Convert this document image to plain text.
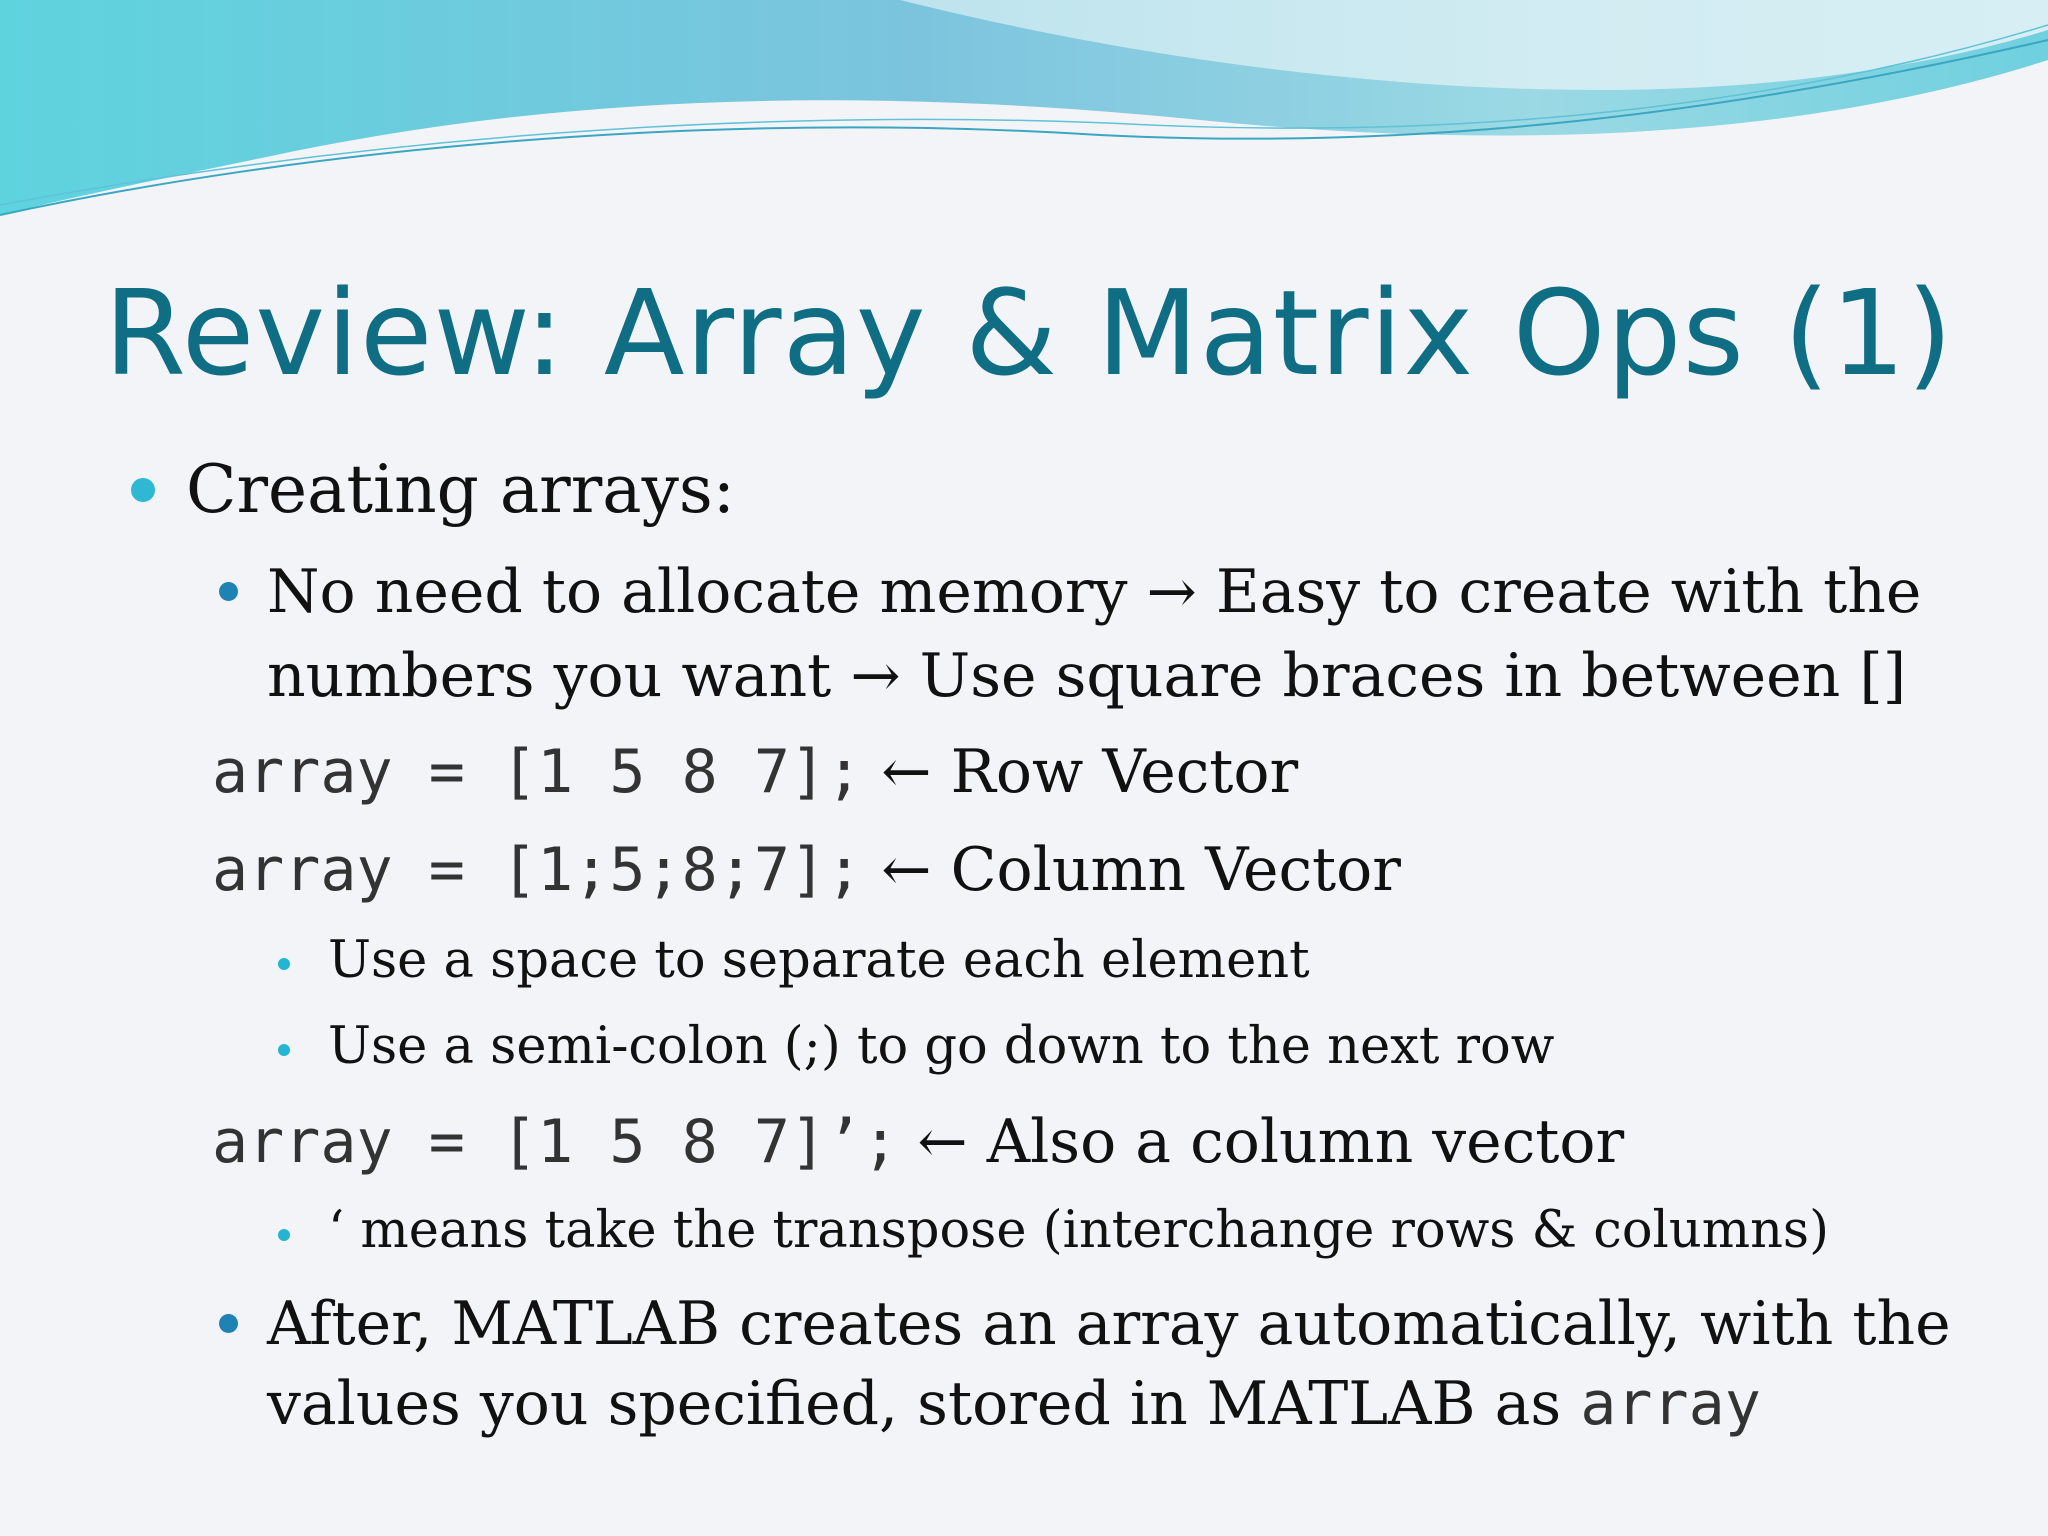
Review: Array & Matrix Ops (1)
Creating arrays:
No need to allocate memory → Easy to create with the
numbers you want → Use square braces in between []
array = [1 5 8 7]; ← Row Vector
array = [1;5;8;7]; ← Column Vector
Use a space to separate each element
Use a semi-colon (;) to go down to the next row
array = [1 5 8 7]’; ← Also a column vector
‘ means take the transpose (interchange rows & columns)
After, MATLAB creates an array automatically, with the
values you specified, stored in MATLAB as array
